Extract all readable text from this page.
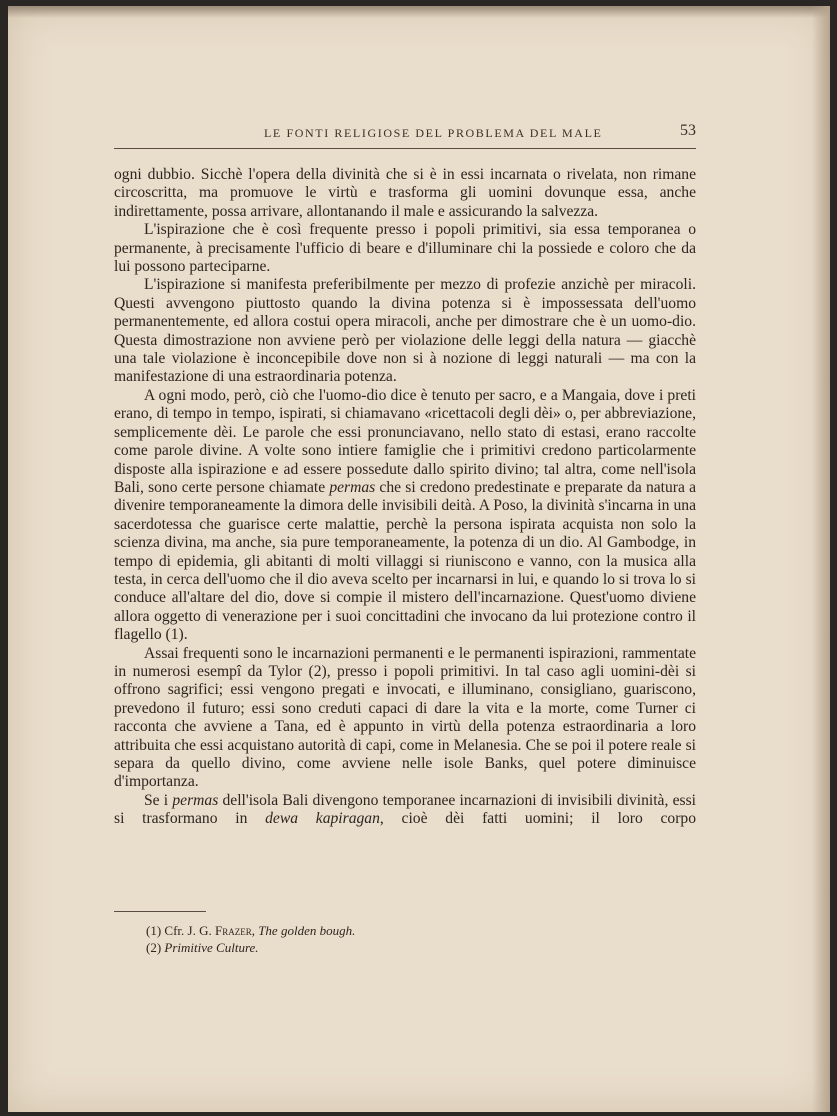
LE FONTI RELIGIOSE DEL PROBLEMA DEL MALE	53

ogni dubbio. Sicchè l'opera della divinità che si è in essi incarnata o rivelata, non rimane circoscritta, ma promuove le virtù e trasforma gli uomini dovunque essa, anche indirettamente, possa arrivare, allontanando il male e assicurando la salvezza.

L'ispirazione che è così frequente presso i popoli primitivi, sia essa temporanea o permanente, à precisamente l'ufficio di beare e d'illuminare chi la possiede e coloro che da lui possono parteciparne.

L'ispirazione si manifesta preferibilmente per mezzo di profezie anzichè per miracoli. Questi avvengono piuttosto quando la divina potenza si è impossessata dell'uomo permanentemente, ed allora costui opera miracoli, anche per dimostrare che è un uomo-dio. Questa dimostrazione non avviene però per violazione delle leggi della natura — giacchè una tale violazione è inconcepibile dove non si à nozione di leggi naturali — ma con la manifestazione di una estraordinaria potenza.

A ogni modo, però, ciò che l'uomo-dio dice è tenuto per sacro, e a Mangaia, dove i preti erano, di tempo in tempo, ispirati, si chiamavano «ricettacoli degli dèi» o, per abbreviazione, semplicemente dèi. Le parole che essi pronunciavano, nello stato di estasi, erano raccolte come parole divine. A volte sono intiere famiglie che i primitivi credono particolarmente disposte alla ispirazione e ad essere possedute dallo spirito divino; tal altra, come nell'isola Bali, sono certe persone chiamate permas che si credono predestinate e preparate da natura a divenire temporaneamente la dimora delle invisibili deità. A Poso, la divinità s'incarna in una sacerdotessa che guarisce certe malattie, perchè la persona ispirata acquista non solo la scienza divina, ma anche, sia pure temporaneamente, la potenza di un dio. Al Gambodge, in tempo di epidemia, gli abitanti di molti villaggi si riuniscono e vanno, con la musica alla testa, in cerca dell'uomo che il dio aveva scelto per incarnarsi in lui, e quando lo si trova lo si conduce all'altare del dio, dove si compie il mistero dell'incarnazione. Quest'uomo diviene allora oggetto di venerazione per i suoi concittadini che invocano da lui protezione contro il flagello (1).

Assai frequenti sono le incarnazioni permanenti e le permanenti ispirazioni, rammentate in numerosi esempî da Tylor (2), presso i popoli primitivi. In tal caso agli uomini-dèi si offrono sagrifici; essi vengono pregati e invocati, e illuminano, consigliano, guariscono, prevedono il futuro; essi sono creduti capaci di dare la vita e la morte, come Turner ci racconta che avviene a Tana, ed è appunto in virtù della potenza estraordinaria a loro attribuita che essi acquistano autorità di capi, come in Melanesia. Che se poi il potere reale si separa da quello divino, come avviene nelle isole Banks, quel potere diminuisce d'importanza.

Se i permas dell'isola Bali divengono temporanee incarnazioni di invisibili divinità, essi si trasformano in dewa kapiragan, cioè dèi fatti uomini; il loro corpo

(1) Cfr. J. G. Frazer, The golden bough.

(2) Primitive Culture.
